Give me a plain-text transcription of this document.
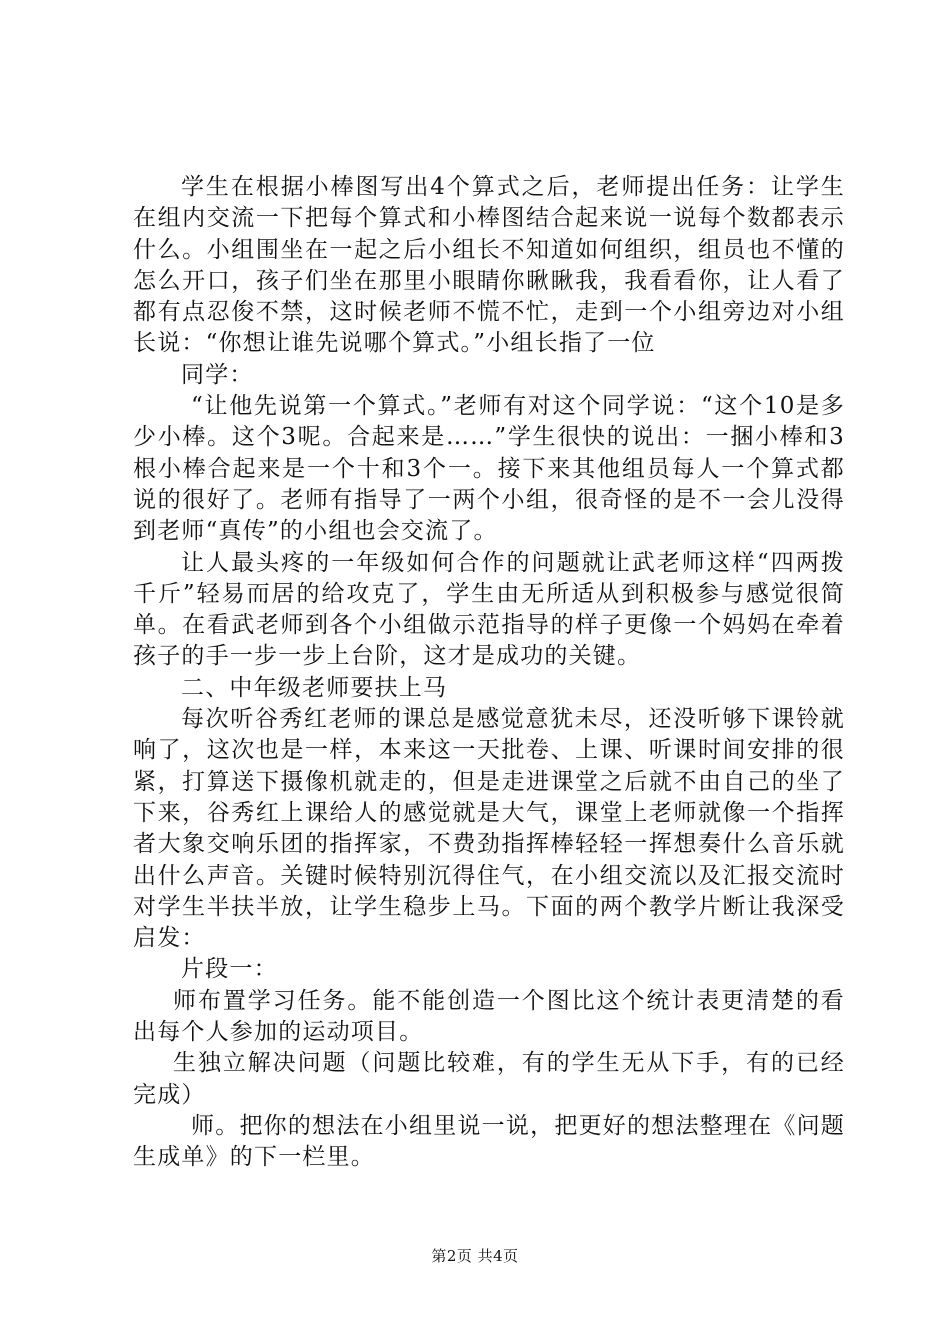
学生在根据小棒图写出4个算式之后，老师提出任务：让学生在组内交流一下把每个算式和小棒图结合起来说一说每个数都表示什么。小组围坐在一起之后小组长不知道如何组织，组员也不懂的怎么开口，孩子们坐在那里小眼睛你瞅瞅我，我看看你，让人看了都有点忍俊不禁，这时候老师不慌不忙，走到一个小组旁边对小组长说：“你想让谁先说哪个算式。”小组长指了一位

同学：

“让他先说第一个算式。”老师有对这个同学说：“这个10是多少小棒。这个3呢。合起来是……”学生很快的说出：一捆小棒和3根小棒合起来是一个十和3个一。接下来其他组员每人一个算式都说的很好了。老师有指导了一两个小组，很奇怪的是不一会儿没得到老师“真传”的小组也会交流了。

让人最头疼的一年级如何合作的问题就让武老师这样“四两拨千斤”轻易而居的给攻克了，学生由无所适从到积极参与感觉很简单。在看武老师到各个小组做示范指导的样子更像一个妈妈在牵着孩子的手一步一步上台阶，这才是成功的关键。

二、中年级老师要扶上马

每次听谷秀红老师的课总是感觉意犹未尽，还没听够下课铃就响了，这次也是一样，本来这一天批卷、上课、听课时间安排的很紧，打算送下摄像机就走的，但是走进课堂之后就不由自己的坐了下来，谷秀红上课给人的感觉就是大气，课堂上老师就像一个指挥者大象交响乐团的指挥家，不费劲指挥棒轻轻一挥想奏什么音乐就出什么声音。关键时候特别沉得住气，在小组交流以及汇报交流时对学生半扶半放，让学生稳步上马。下面的两个教学片断让我深受启发：

片段一：

师布置学习任务。能不能创造一个图比这个统计表更清楚的看出每个人参加的运动项目。

生独立解决问题（问题比较难，有的学生无从下手，有的已经完成）

师。把你的想法在小组里说一说，把更好的想法整理在《问题生成单》的下一栏里。

第2页 共4页
